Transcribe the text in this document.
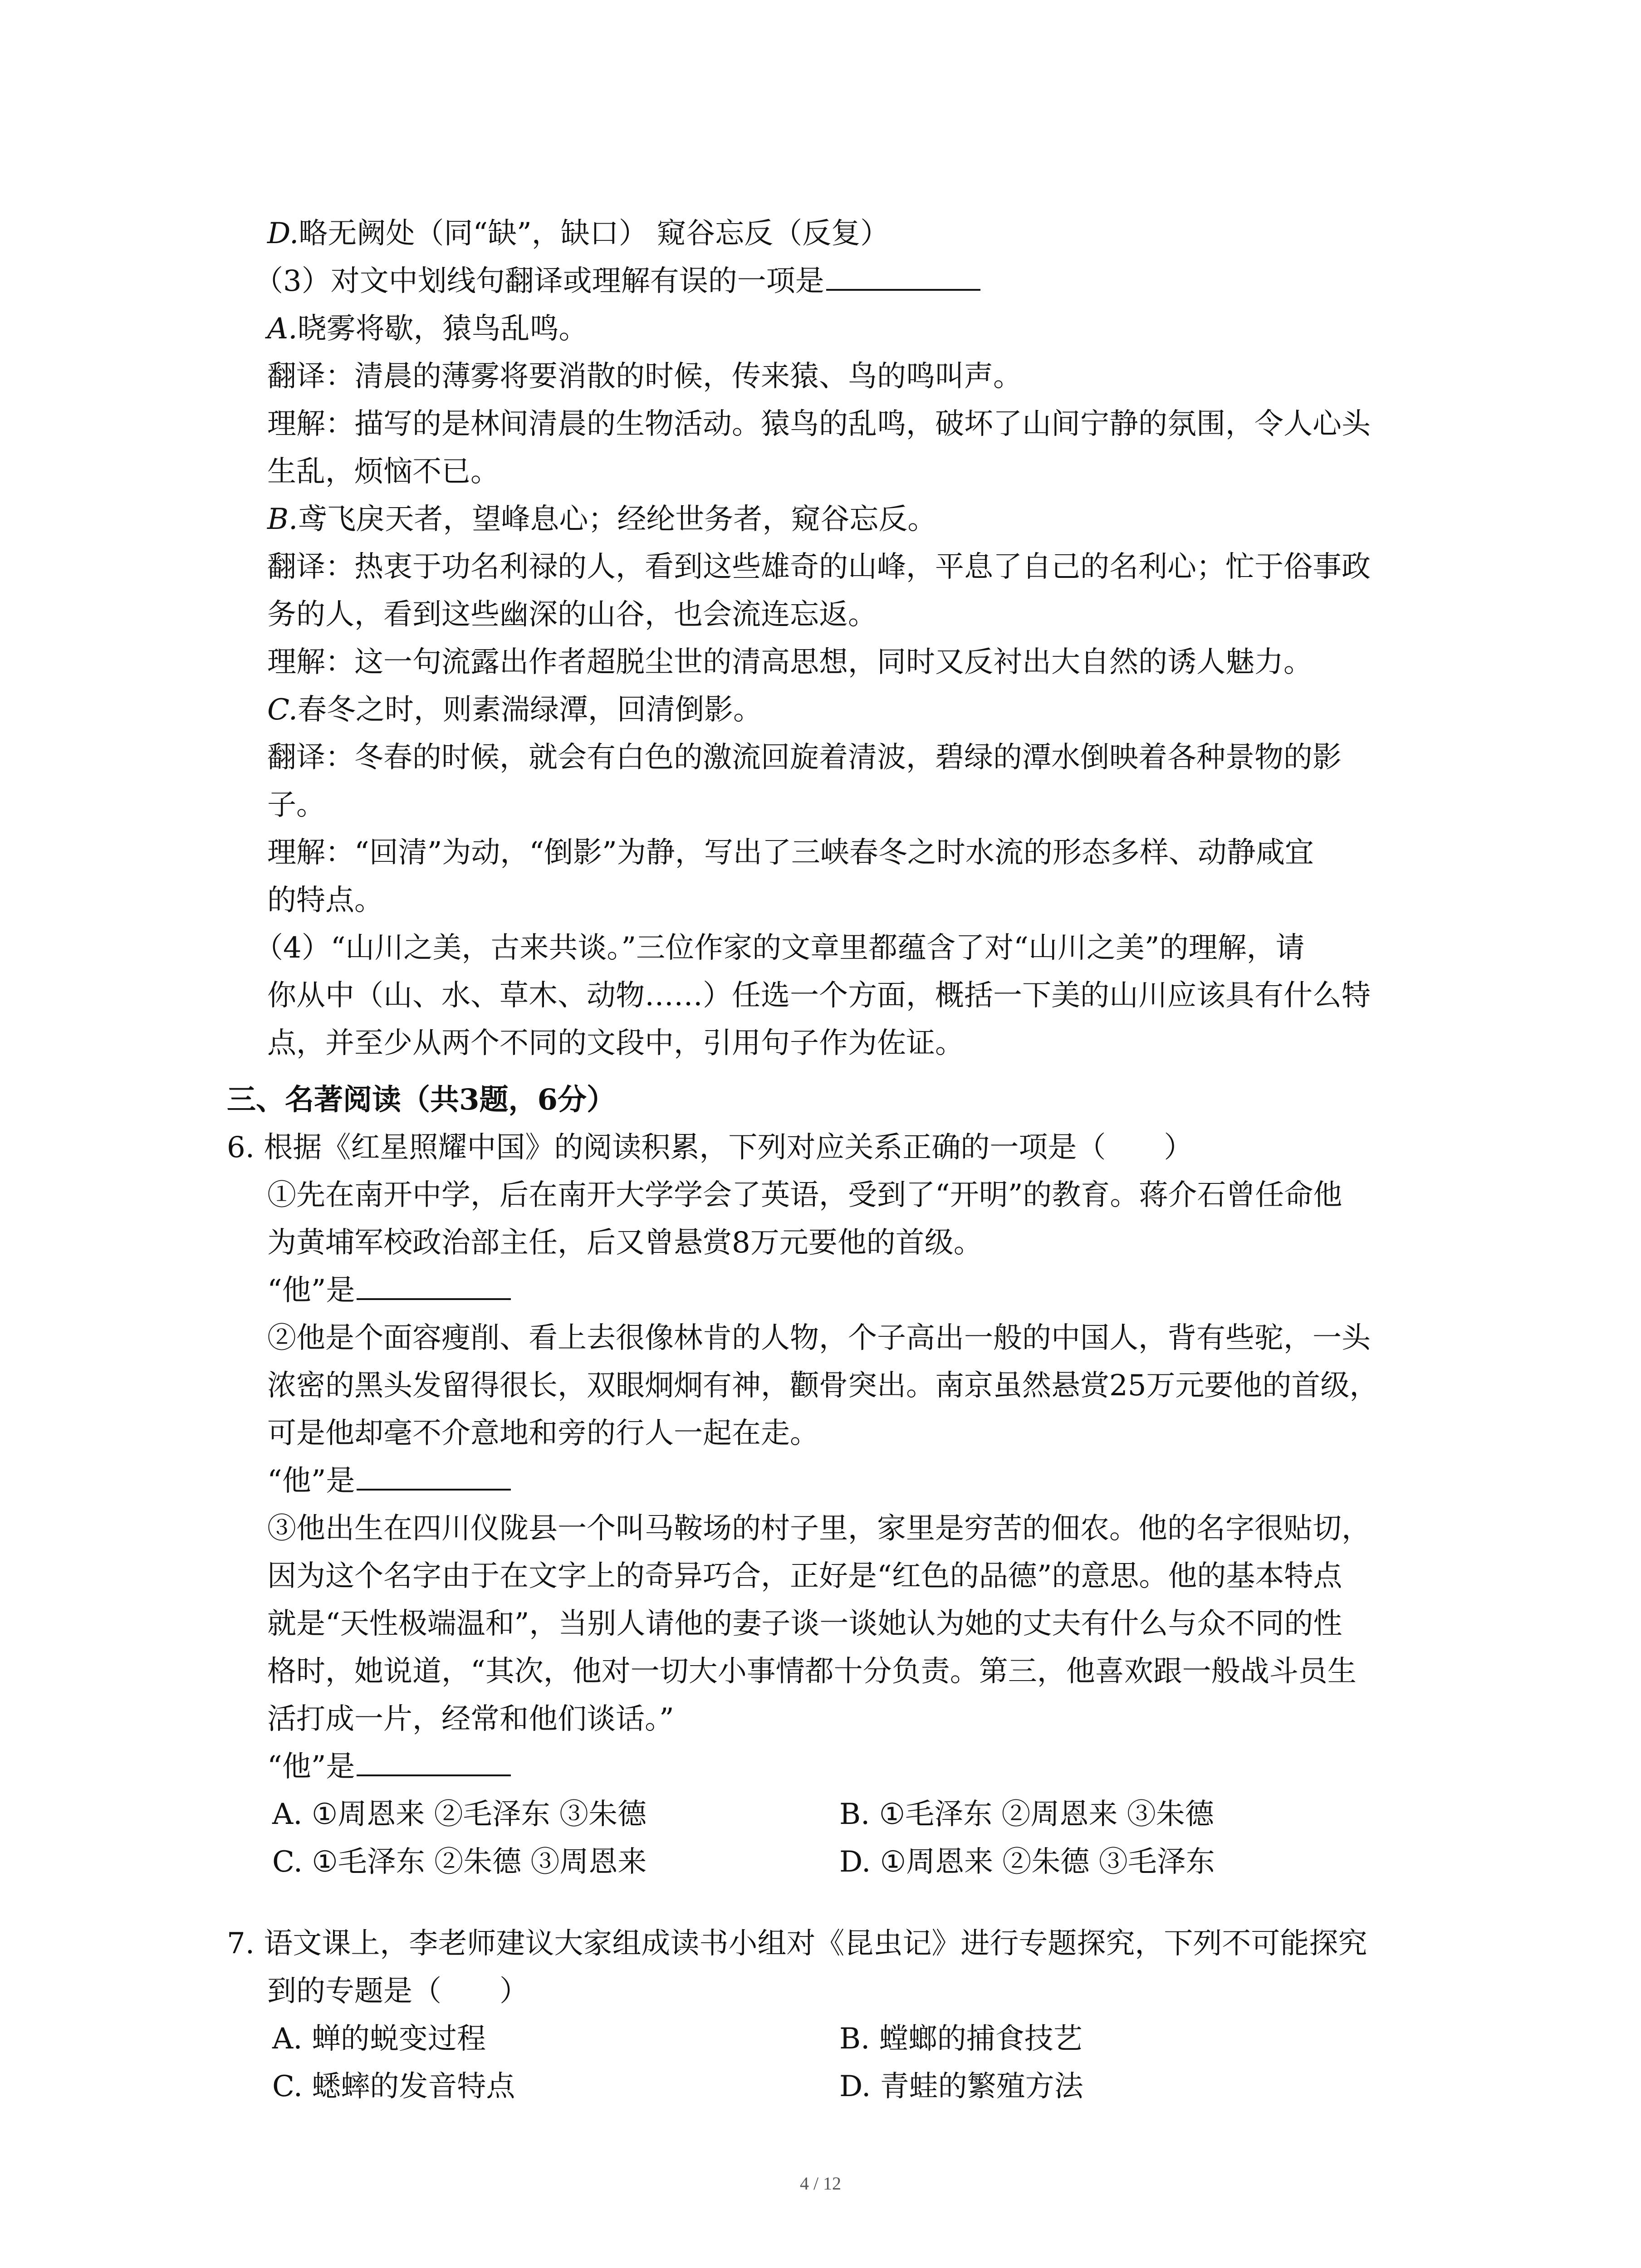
D.略无阙处（同“缺”，缺口） 窥谷忘反（反复）
（3）对文中划线句翻译或理解有误的一项是
A.晓雾将歇，猿鸟乱鸣。
翻译：清晨的薄雾将要消散的时候，传来猿、鸟的鸣叫声。
理解：描写的是林间清晨的生物活动。猿鸟的乱鸣，破坏了山间宁静的氛围，令人心头
生乱，烦恼不已。
B.鸢飞戾天者，望峰息心；经纶世务者，窥谷忘反。
翻译：热衷于功名利禄的人，看到这些雄奇的山峰，平息了自己的名利心；忙于俗事政
务的人，看到这些幽深的山谷，也会流连忘返。
理解：这一句流露出作者超脱尘世的清高思想，同时又反衬出大自然的诱人魅力。
C.春冬之时，则素湍绿潭，回清倒影。
翻译：冬春的时候，就会有白色的激流回旋着清波，碧绿的潭水倒映着各种景物的影
子。
理解：“回清”为动，“倒影”为静，写出了三峡春冬之时水流的形态多样、动静咸宜
的特点。
（4）“山川之美，古来共谈。”三位作家的文章里都蕴含了对“山川之美”的理解，请
你从中（山、水、草木、动物……）任选一个方面，概括一下美的山川应该具有什么特
点，并至少从两个不同的文段中，引用句子作为佐证。
三、名著阅读（共3题，6分）
6. 根据《红星照耀中国》的阅读积累，下列对应关系正确的一项是（　　）
①先在南开中学，后在南开大学学会了英语，受到了“开明”的教育。蒋介石曾任命他
为黄埔军校政治部主任，后又曾悬赏8万元要他的首级。
“他”是
②他是个面容瘦削、看上去很像林肯的人物，个子高出一般的中国人，背有些驼，一头
浓密的黑头发留得很长，双眼炯炯有神，颧骨突出。南京虽然悬赏25万元要他的首级，
可是他却毫不介意地和旁的行人一起在走。
“他”是
③他出生在四川仪陇县一个叫马鞍场的村子里，家里是穷苦的佃农。他的名字很贴切，
因为这个名字由于在文字上的奇异巧合，正好是“红色的品德”的意思。他的基本特点
就是“天性极端温和”，当别人请他的妻子谈一谈她认为她的丈夫有什么与众不同的性
格时，她说道，“其次，他对一切大小事情都十分负责。第三，他喜欢跟一般战斗员生
活打成一片，经常和他们谈话。”
“他”是
A. ①周恩来 ②毛泽东 ③朱德	B. ①毛泽东 ②周恩来 ③朱德
C. ①毛泽东 ②朱德 ③周恩来	D. ①周恩来 ②朱德 ③毛泽东
7. 语文课上，李老师建议大家组成读书小组对《昆虫记》进行专题探究，下列不可能探究
到的专题是（　　）
A. 蝉的蜕变过程	B. 螳螂的捕食技艺
C. 蟋蟀的发音特点	D. 青蛙的繁殖方法
4 / 12
